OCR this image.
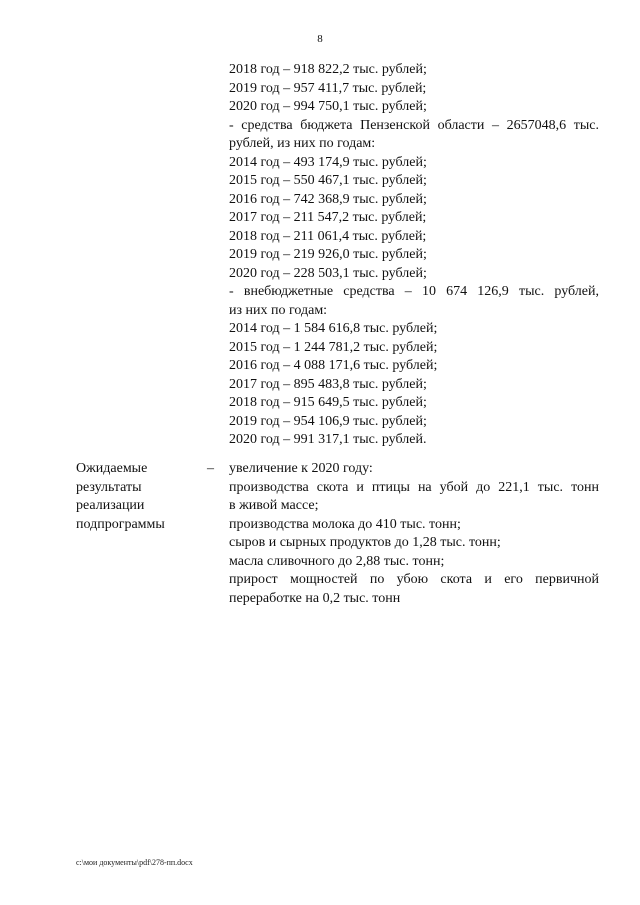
8
2018 год – 918 822,2 тыс. рублей;
2019 год – 957 411,7 тыс. рублей;
2020 год – 994 750,1 тыс. рублей;
- средства бюджета Пензенской области – 2657048,6 тыс.
рублей, из них по годам:
2014 год – 493 174,9 тыс. рублей;
2015 год – 550 467,1 тыс. рублей;
2016 год – 742 368,9 тыс. рублей;
2017 год – 211 547,2 тыс. рублей;
2018 год – 211 061,4 тыс. рублей;
2019 год – 219 926,0 тыс. рублей;
2020 год – 228 503,1 тыс. рублей;
- внебюджетные средства – 10 674 126,9 тыс. рублей,
из них по годам:
2014 год – 1 584 616,8 тыс. рублей;
2015 год – 1 244 781,2 тыс. рублей;
2016 год – 4 088 171,6 тыс. рублей;
2017 год – 895 483,8 тыс. рублей;
2018 год – 915 649,5 тыс. рублей;
2019 год – 954 106,9 тыс. рублей;
2020 год – 991 317,1 тыс. рублей.
Ожидаемые
результаты
реализации
подпрограммы
– увеличение к 2020 году:
производства скота и птицы на убой до 221,1 тыс. тонн
в живой массе;
производства молока до 410 тыс. тонн;
сыров и сырных продуктов до 1,28 тыс. тонн;
масла сливочного до 2,88 тыс. тонн;
прирост мощностей по убою скота и его первичной
переработке на 0,2 тыс. тонн
c:\мои документы\pdf\278-пп.docx
